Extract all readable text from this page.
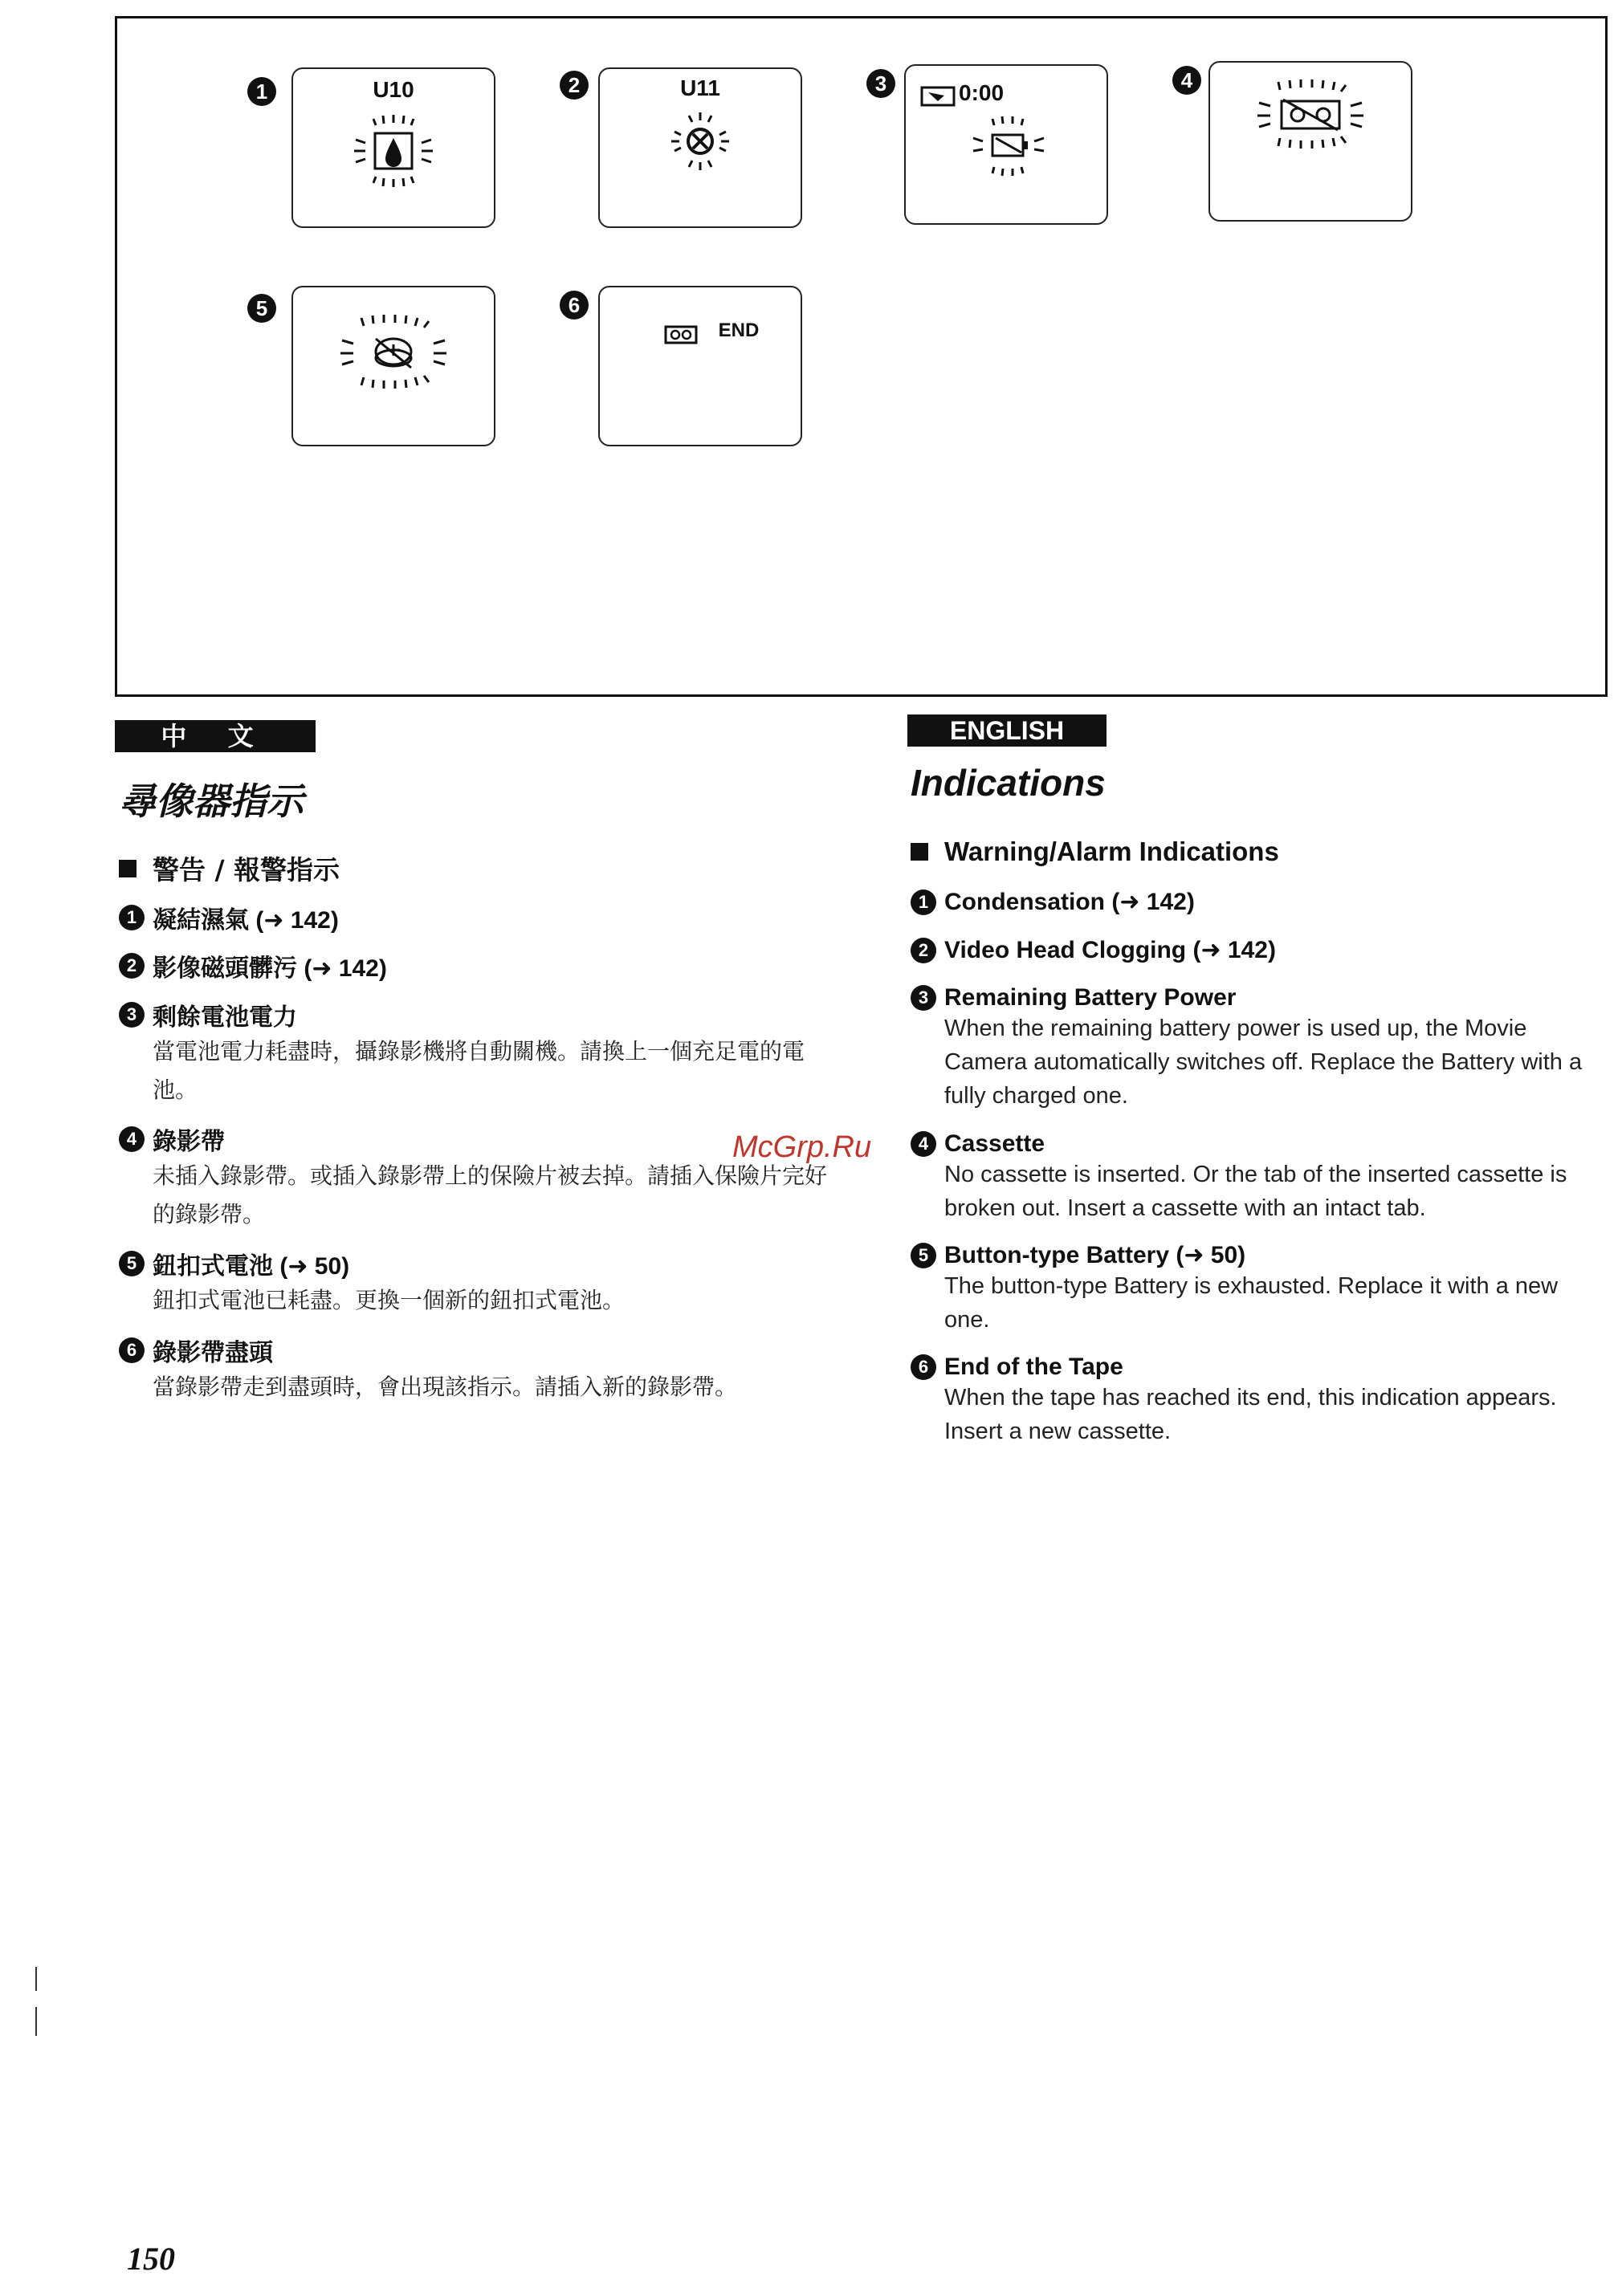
1	U10	2	U11	3	0:00	4
5	6
END
中 文
尋像器指示
警告 / 報警指示
1 凝結濕氣 (➜ 142)
2 影像磁頭髒污 (➜ 142)
3 剩餘電池電力
當電池電力耗盡時，攝錄影機將自動關機。請換上一個充足電的電池。
4 錄影帶
未插入錄影帶。或插入錄影帶上的保險片被去掉。請插入保險片完好的錄影帶。
5 鈕扣式電池 (➜ 50)
鈕扣式電池已耗盡。更換一個新的鈕扣式電池。
6 錄影帶盡頭
當錄影帶走到盡頭時，會出現該指示。請插入新的錄影帶。
ENGLISH
Indications
Warning/Alarm Indications
1 Condensation (➜ 142)
2 Video Head Clogging (➜ 142)
3 Remaining Battery Power
When the remaining battery power is used up, the Movie Camera automatically switches off. Replace the Battery with a fully charged one.
4 Cassette
No cassette is inserted. Or the tab of the inserted cassette is broken out. Insert a cassette with an intact tab.
5 Button-type Battery (➜ 50)
The button-type Battery is exhausted. Replace it with a new one.
6 End of the Tape
When the tape has reached its end, this indication appears. Insert a new cassette.
McGrp.Ru
150
